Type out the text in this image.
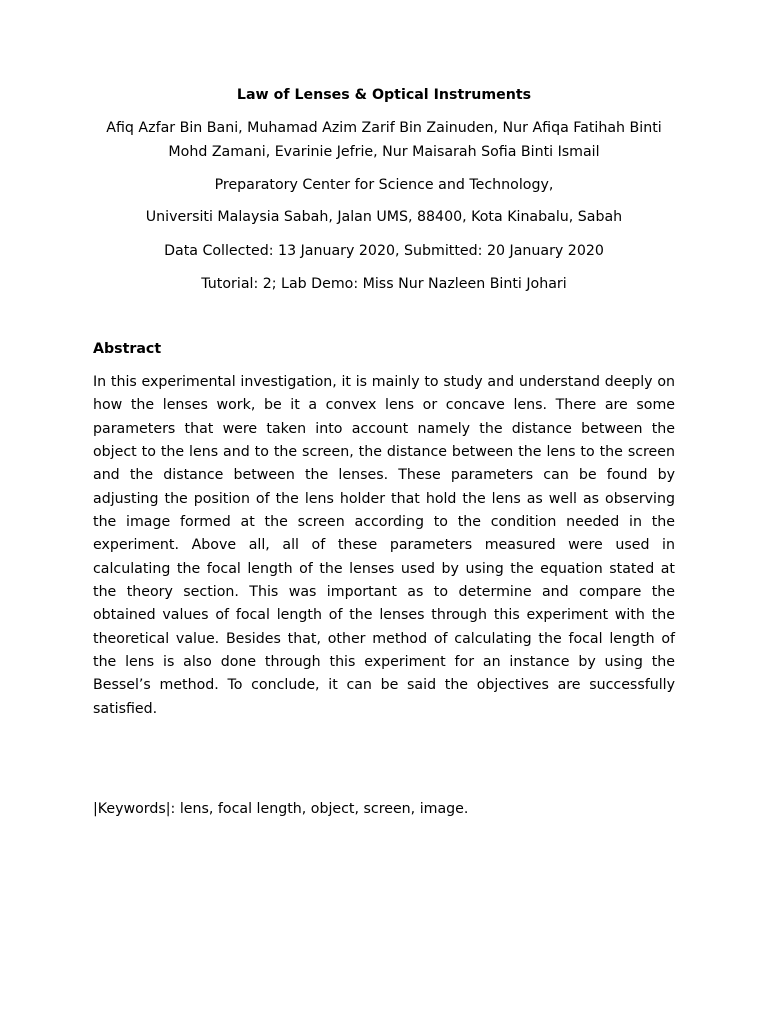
Law of Lenses & Optical Instruments

Afiq Azfar Bin Bani, Muhamad Azim Zarif Bin Zainuden, Nur Afiqa Fatihah Binti Mohd Zamani, Evarinie Jefrie, Nur Maisarah Sofia Binti Ismail

Preparatory Center for Science and Technology,

Universiti Malaysia Sabah, Jalan UMS, 88400, Kota Kinabalu, Sabah

Data Collected: 13 January 2020, Submitted: 20 January 2020

Tutorial: 2; Lab Demo: Miss Nur Nazleen Binti Johari

Abstract

In this experimental investigation, it is mainly to study and understand deeply on how the lenses work, be it a convex lens or concave lens. There are some parameters that were taken into account namely the distance between the object to the lens and to the screen, the distance between the lens to the screen and the distance between the lenses. These parameters can be found by adjusting the position of the lens holder that hold the lens as well as observing the image formed at the screen according to the condition needed in the experiment. Above all, all of these parameters measured were used in calculating the focal length of the lenses used by using the equation stated at the theory section. This was important as to determine and compare the obtained values of focal length of the lenses through this experiment with the theoretical value. Besides that, other method of calculating the focal length of the lens is also done through this experiment for an instance by using the Bessel’s method. To conclude, it can be said the objectives are successfully satisfied.

|Keywords|: lens, focal length, object, screen, image.
